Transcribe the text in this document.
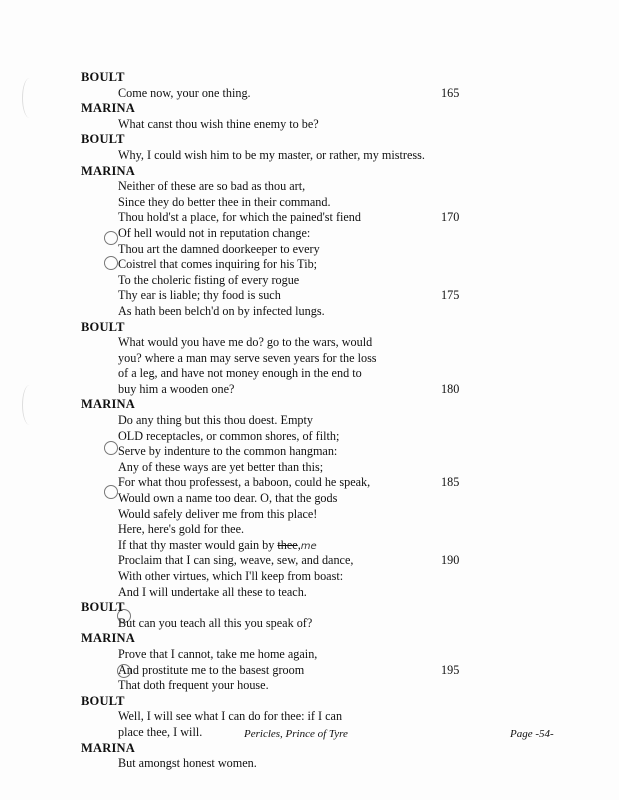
BOULT
Come now, your one thing.	165
MARINA
What canst thou wish thine enemy to be?
BOULT
Why, I could wish him to be my master, or rather, my mistress.
MARINA
Neither of these are so bad as thou art,
Since they do better thee in their command.
Thou hold'st a place, for which the pained'st fiend	170
Of hell would not in reputation change:
Thou art the damned doorkeeper to every
Coistrel that comes inquiring for his Tib;
To the choleric fisting of every rogue
Thy ear is liable; thy food is such	175
As hath been belch'd on by infected lungs.
BOULT
What would you have me do? go to the wars, would
you? where a man may serve seven years for the loss
of a leg, and have not money enough in the end to
buy him a wooden one?	180
MARINA
Do any thing but this thou doest. Empty
OLD receptacles, or common shores, of filth;
Serve by indenture to the common hangman:
Any of these ways are yet better than this;
For what thou professest, a baboon, could he speak,	185
Would own a name too dear. O, that the gods
Would safely deliver me from this place!
Here, here's gold for thee.
If that thy master would gain by thee,me
Proclaim that I can sing, weave, sew, and dance,	190
With other virtues, which I'll keep from boast:
And I will undertake all these to teach.
BOULT
But can you teach all this you speak of?
MARINA
Prove that I cannot, take me home again,
And prostitute me to the basest groom	195
That doth frequent your house.
BOULT
Well, I will see what I can do for thee: if I can
place thee, I will.
MARINA
But amongst honest women.
Pericles, Prince of Tyre	Page -54-
